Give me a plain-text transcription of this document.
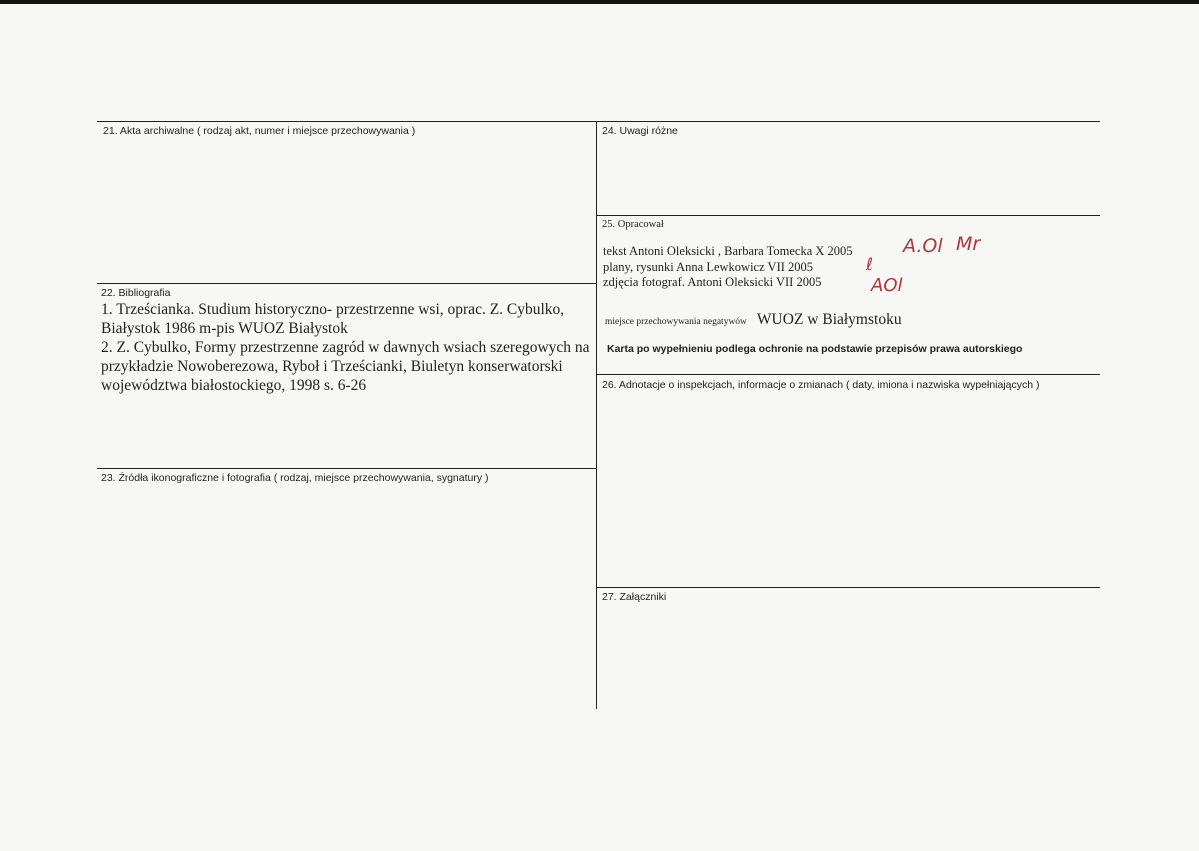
21. Akta archiwalne ( rodzaj akt, numer i miejsce przechowywania )
22. Bibliografia

1. Trześcianka. Studium historyczno- przestrzenne wsi, oprac. Z. Cybulko, Białystok 1986 m-pis WUOZ Białystok

2. Z. Cybulko, Formy przestrzenne zagród w dawnych wsiach szeregowych na przykładzie Nowoberezowa, Ryboł i Trześcianki, Biuletyn konserwatorski województwa białostockiego, 1998 s. 6-26

23. Źródła ikonograficzne i fotografia ( rodzaj, miejsce przechowywania, sygnatury )
24. Uwagi różne
25. Opracował
tekst Antoni Oleksicki , Barbara Tomecka X 2005
plany, rysunki Anna Lewkowicz VII 2005
zdjęcia fotograf. Antoni Oleksicki VII 2005
A.Ol Mr
ℓ
AOl
miejsce przechowywania negatywów WUOZ w Białymstoku
Karta po wypełnieniu podlega ochronie na podstawie przepisów prawa autorskiego
26. Adnotacje o inspekcjach, informacje o zmianach ( daty, imiona i nazwiska wypełniających )
27. Załączniki
